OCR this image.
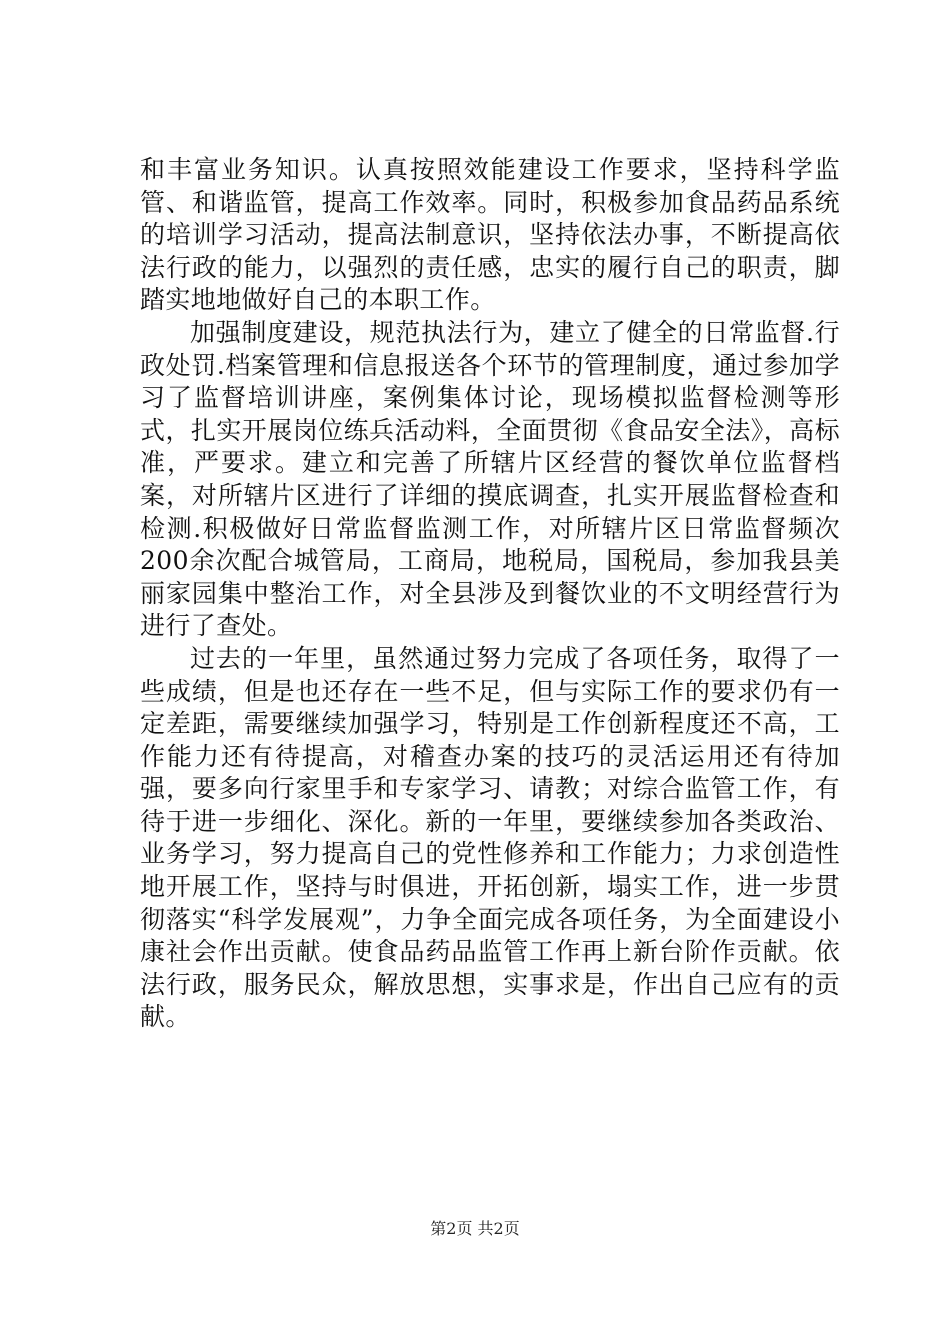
和丰富业务知识。认真按照效能建设工作要求，坚持科学监管、和谐监管，提高工作效率。同时，积极参加食品药品系统的培训学习活动，提高法制意识，坚持依法办事，不断提高依法行政的能力，以强烈的责任感，忠实的履行自己的职责，脚踏实地地做好自己的本职工作。

加强制度建设，规范执法行为，建立了健全的日常监督.行政处罚.档案管理和信息报送各个环节的管理制度，通过参加学习了监督培训讲座，案例集体讨论，现场模拟监督检测等形式，扎实开展岗位练兵活动料，全面贯彻《食品安全法》，高标准，严要求。建立和完善了所辖片区经营的餐饮单位监督档案，对所辖片区进行了详细的摸底调查，扎实开展监督检查和检测.积极做好日常监督监测工作，对所辖片区日常监督频次200余次配合城管局，工商局，地税局，国税局，参加我县美丽家园集中整治工作，对全县涉及到餐饮业的不文明经营行为进行了查处。

过去的一年里，虽然通过努力完成了各项任务，取得了一些成绩，但是也还存在一些不足，但与实际工作的要求仍有一定差距，需要继续加强学习，特别是工作创新程度还不高，工作能力还有待提高，对稽查办案的技巧的灵活运用还有待加强，要多向行家里手和专家学习、请教；对综合监管工作，有待于进一步细化、深化。新的一年里，要继续参加各类政治、业务学习，努力提高自己的党性修养和工作能力；力求创造性地开展工作，坚持与时俱进，开拓创新，塌实工作，进一步贯彻落实“科学发展观”，力争全面完成各项任务，为全面建设小康社会作出贡献。使食品药品监管工作再上新台阶作贡献。依法行政，服务民众，解放思想，实事求是，作出自己应有的贡献。

第2页 共2页
